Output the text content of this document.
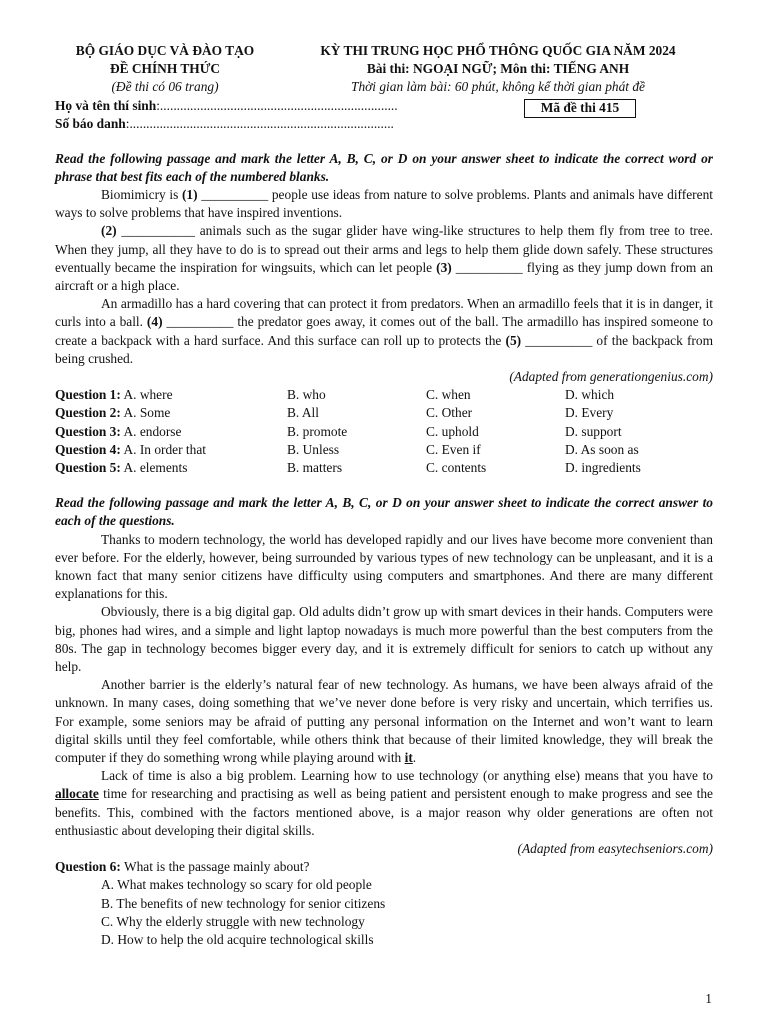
BỘ GIÁO DỤC VÀ ĐÀO TẠO
ĐỀ CHÍNH THỨC
(Đề thi có 06 trang)
KỲ THI TRUNG HỌC PHỔ THÔNG QUỐC GIA NĂM 2024
Bài thi: NGOẠI NGỮ; Môn thi: TIẾNG ANH
Thời gian làm bài: 60 phút, không kể thời gian phát đề
Họ và tên thí sinh:.......................................................................
Số báo danh:...............................................................................
Mã đề thi 415
Read the following passage and mark the letter A, B, C, or D on your answer sheet to indicate the correct word or phrase that best fits each of the numbered blanks.

Biomimicry is (1) __________ people use ideas from nature to solve problems. Plants and animals have different ways to solve problems that have inspired inventions.

(2) ___________ animals such as the sugar glider have wing-like structures to help them fly from tree to tree. When they jump, all they have to do is to spread out their arms and legs to help them glide down safely. These structures eventually became the inspiration for wingsuits, which can let people (3) __________ flying as they jump down from an aircraft or a high place.

An armadillo has a hard covering that can protect it from predators. When an armadillo feels that it is in danger, it curls into a ball. (4) __________ the predator goes away, it comes out of the ball. The armadillo has inspired someone to create a backpack with a hard surface. And this surface can roll up to protects the (5) __________ of the backpack from being crushed.

(Adapted from generationgenius.com)
Question 1: A. where	B. who	C. when	D. which
Question 2: A. Some	B. All	C. Other	D. Every
Question 3: A. endorse	B. promote	C. uphold	D. support
Question 4: A. In order that	B. Unless	C. Even if	D. As soon as
Question 5: A. elements	B. matters	C. contents	D. ingredients
Read the following passage and mark the letter A, B, C, or D on your answer sheet to indicate the correct answer to each of the questions.

Thanks to modern technology, the world has developed rapidly and our lives have become more convenient than ever before. For the elderly, however, being surrounded by various types of new technology can be unpleasant, and it is a known fact that many senior citizens have difficulty using computers and smartphones. And there are many different explanations for this.

Obviously, there is a big digital gap. Old adults didn’t grow up with smart devices in their hands. Computers were big, phones had wires, and a simple and light laptop nowadays is much more powerful than the best computers from the 80s. The gap in technology becomes bigger every day, and it is extremely difficult for seniors to catch up without any help.

Another barrier is the elderly’s natural fear of new technology. As humans, we have been always afraid of the unknown. In many cases, doing something that we’ve never done before is very risky and uncertain, which terrifies us. For example, some seniors may be afraid of putting any personal information on the Internet and won’t want to learn digital skills until they feel comfortable, while others think that because of their limited knowledge, they will break the computer if they do something wrong while playing around with it.

Lack of time is also a big problem. Learning how to use technology (or anything else) means that you have to allocate time for researching and practising as well as being patient and persistent enough to make progress and see the benefits. This, combined with the factors mentioned above, is a major reason why older generations are often not enthusiastic about developing their digital skills.

(Adapted from easytechseniors.com)
Question 6: What is the passage mainly about?
A. What makes technology so scary for old people
B. The benefits of new technology for senior citizens
C. Why the elderly struggle with new technology
D. How to help the old acquire technological skills
1
